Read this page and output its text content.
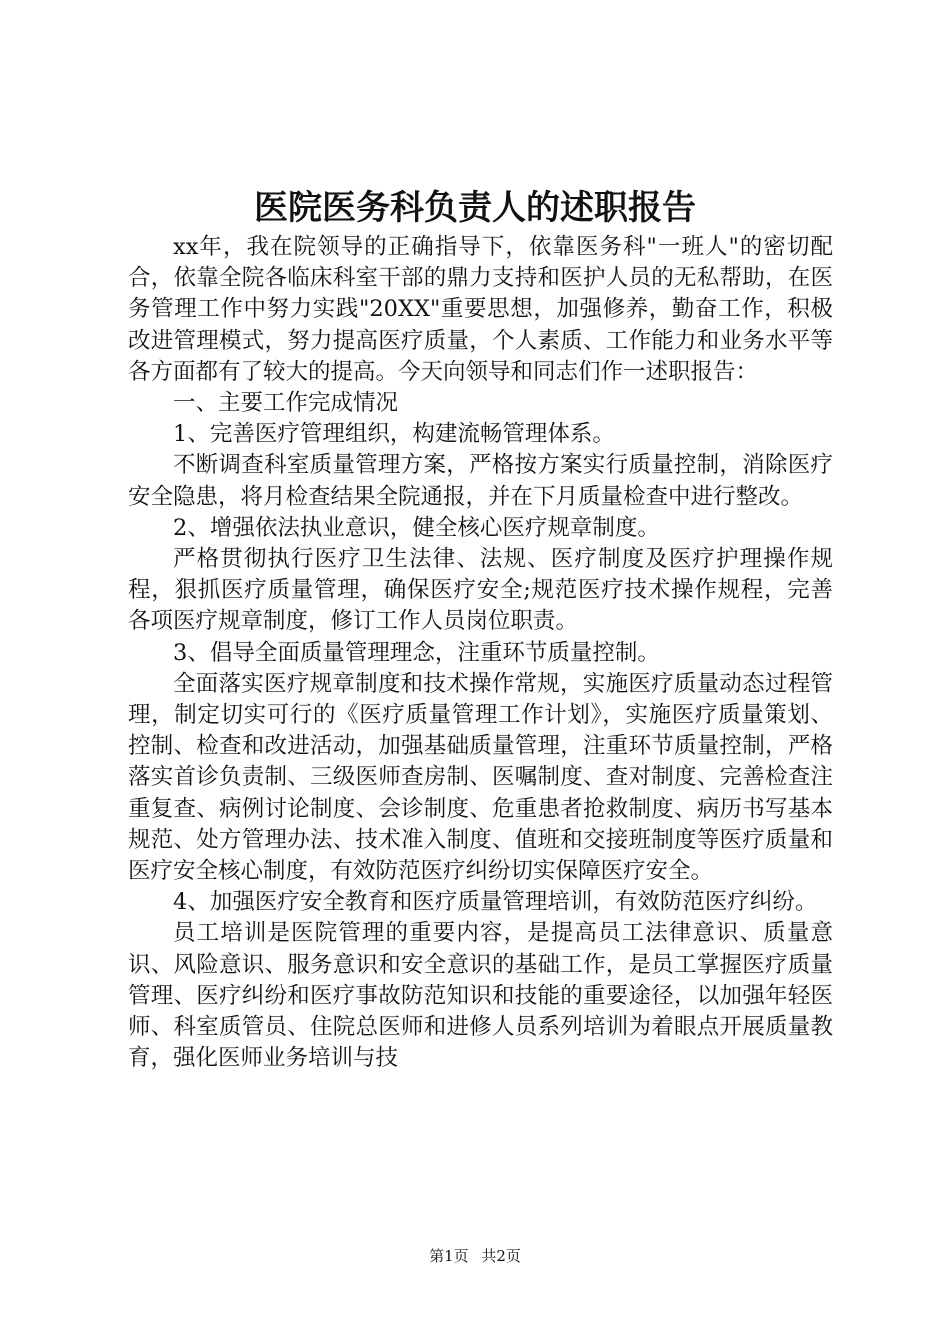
医院医务科负责人的述职报告

xx年，我在院领导的正确指导下，依靠医务科"一班人"的密切配合，依靠全院各临床科室干部的鼎力支持和医护人员的无私帮助，在医务管理工作中努力实践"20XX"重要思想，加强修养，勤奋工作，积极改进管理模式，努力提高医疗质量，个人素质、工作能力和业务水平等各方面都有了较大的提高。今天向领导和同志们作一述职报告：

一、主要工作完成情况

1、完善医疗管理组织，构建流畅管理体系。

不断调查科室质量管理方案，严格按方案实行质量控制，消除医疗安全隐患，将月检查结果全院通报，并在下月质量检查中进行整改。

2、增强依法执业意识，健全核心医疗规章制度。

严格贯彻执行医疗卫生法律、法规、医疗制度及医疗护理操作规程，狠抓医疗质量管理，确保医疗安全;规范医疗技术操作规程，完善各项医疗规章制度，修订工作人员岗位职责。

3、倡导全面质量管理理念，注重环节质量控制。

全面落实医疗规章制度和技术操作常规，实施医疗质量动态过程管理，制定切实可行的《医疗质量管理工作计划》，实施医疗质量策划、控制、检查和改进活动，加强基础质量管理，注重环节质量控制，严格落实首诊负责制、三级医师查房制、医嘱制度、查对制度、完善检查注重复查、病例讨论制度、会诊制度、危重患者抢救制度、病历书写基本规范、处方管理办法、技术准入制度、值班和交接班制度等医疗质量和医疗安全核心制度，有效防范医疗纠纷切实保障医疗安全。

4、加强医疗安全教育和医疗质量管理培训，有效防范医疗纠纷。

员工培训是医院管理的重要内容，是提高员工法律意识、质量意识、风险意识、服务意识和安全意识的基础工作，是员工掌握医疗质量管理、医疗纠纷和医疗事故防范知识和技能的重要途径，以加强年轻医师、科室质管员、住院总医师和进修人员系列培训为着眼点开展质量教育，强化医师业务培训与技

第1页 共2页
